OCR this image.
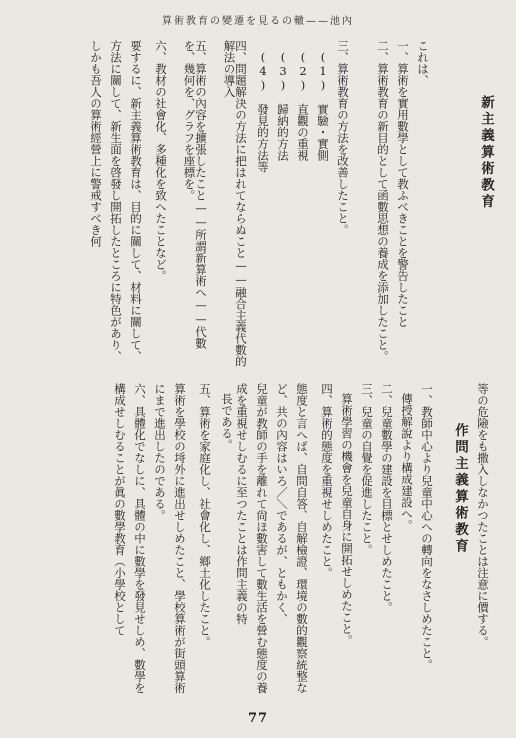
算術教育の變遷を見るの轍——池內
新主義算術教育
これは、
一、算術を實用數學として教ふべきことを警告したこと
二、算術教育の新目的として函數思想の養成を添加したこと。
三、算術教育の方法を改善したこと。
(1)　實驗・實側
(2)　直觀の重視
(3)　歸納的方法
(4)　發見的方法等
四、問題解決の方法に把はれてならぬこと——融合主義代數的解法の導入
五、算術の內容を擴張したこと——所謂新算術へ——代數を、幾何を、グラフを座標を。
六、教材の社會化、多種化を致へたことなど。
要するに、新主義算術教育は、目的に關して、材料に關して、方法に關して、新生面を啓發し開拓したところに特色があり、しかも吾人の算術經營上に警戒すべき何
等の危險をも撒入しなかつたことは注意に價する。
作問主義算術教育
一、教師中心より兒童中心への轉向をなさしめたこと。
傳授解說より構成建設へ。
二、兒童數學の建設を目標とせしめたこと。
三、兒童の自覺を促進したこと。
算術學習の機會を兒童自身に開拓せしめたこと。
四、算術的態度を重視せしめたこと。
態度と言へば、自問自答、自解檢證、環境の數的觀察統整など、共の內容はいろ／＼であるが、ともかく、
兒童が教師の手を離れて尙ほ數害して數生活を營む態度の養成を重視せしむるに至つたことは作問主義の特
長である。
五、算術を家庭化し、社會化し、鄉土化したこと。
算術を學校の埓外に進出せしめたこと、學校算術が街頭算術にまで進出したのである。
六、具體化でなしに、具體の中に數學を發見せしめ、數學を構成せしむることが眞の數學教育（小學校として
77
